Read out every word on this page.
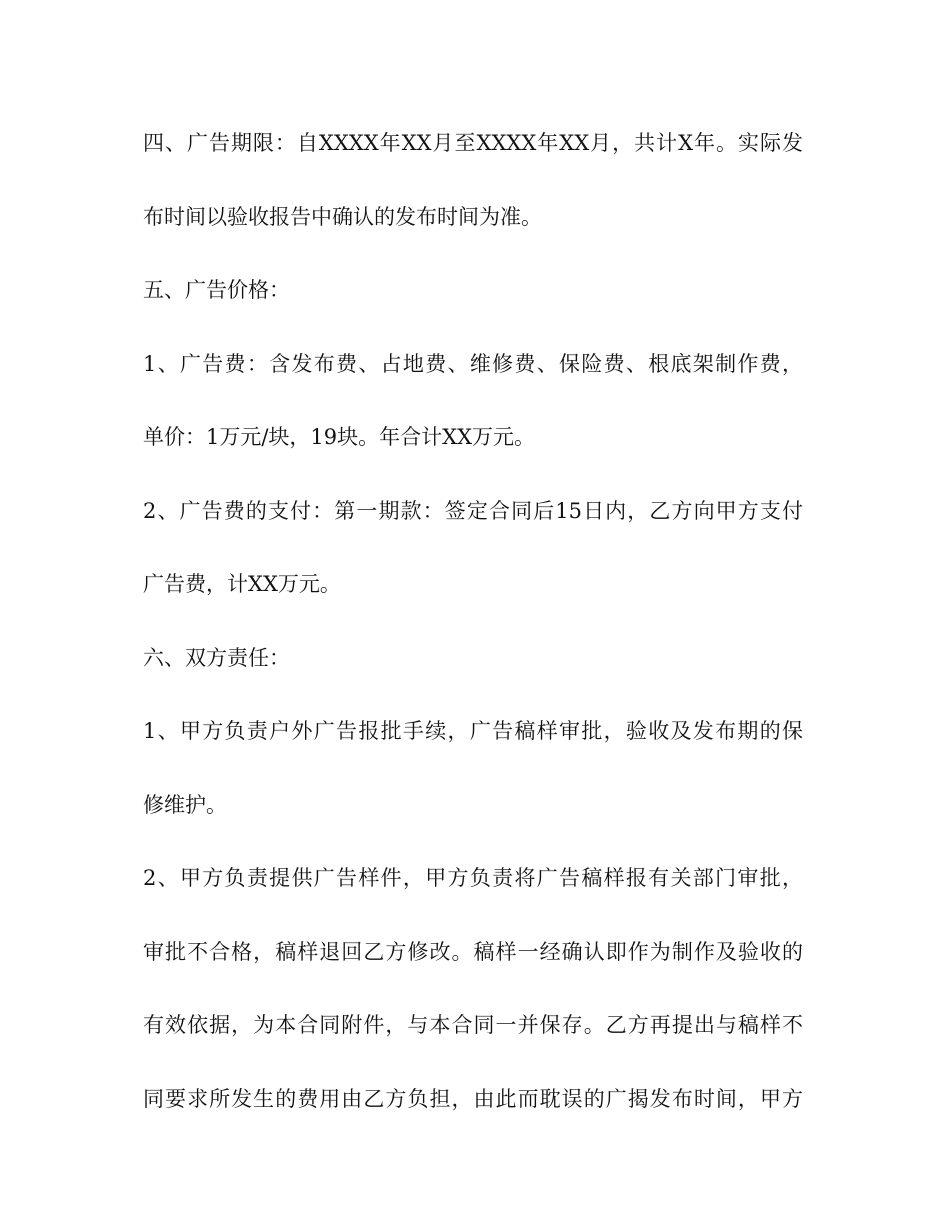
四、广告期限：自XXXX年XX月至XXXX年XX月，共计X年。实际发
布时间以验收报告中确认的发布时间为准。
五、广告价格：
1、广告费：含发布费、占地费、维修费、保险费、根底架制作费，
单价：1万元/块，19块。年合计XX万元。
2、广告费的支付：第一期款：签定合同后15日内，乙方向甲方支付
广告费，计XX万元。
六、双方责任：
1、甲方负责户外广告报批手续，广告稿样审批，验收及发布期的保
修维护。
2、甲方负责提供广告样件，甲方负责将广告稿样报有关部门审批，
审批不合格，稿样退回乙方修改。稿样一经确认即作为制作及验收的
有效依据，为本合同附件，与本合同一并保存。乙方再提出与稿样不
同要求所发生的费用由乙方负担，由此而耽误的广揭发布时间，甲方
